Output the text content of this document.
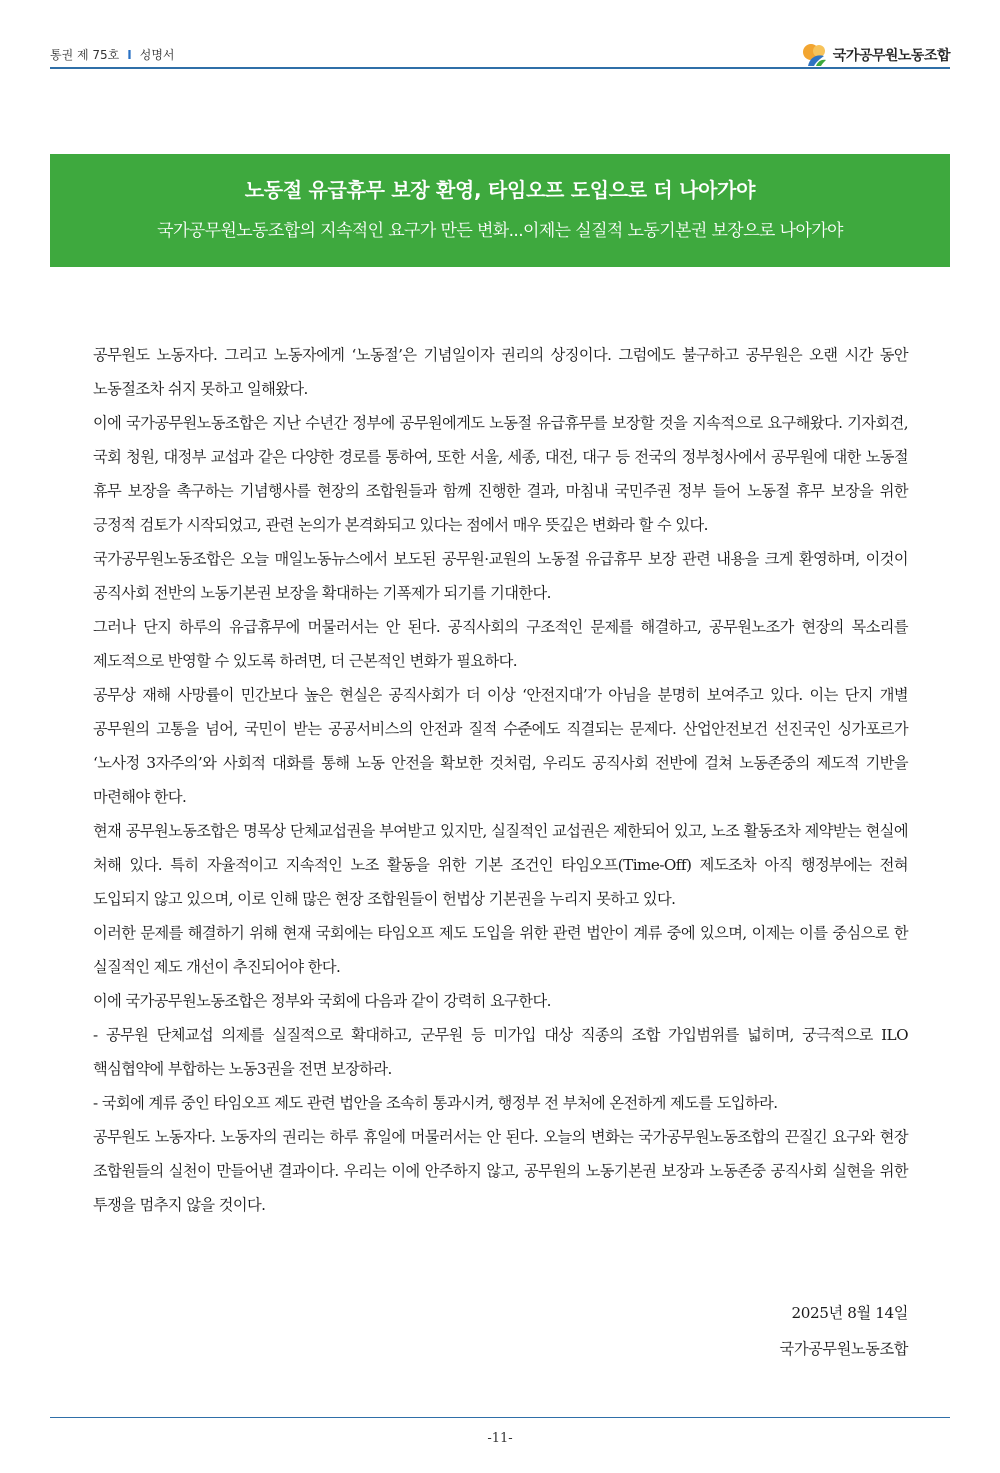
통권 제 75호 I 성명서	국가공무원노동조합
노동절 유급휴무 보장 환영, 타임오프 도입으로 더 나아가야
국가공무원노동조합의 지속적인 요구가 만든 변화...이제는 실질적 노동기본권 보장으로 나아가야

공무원도 노동자다. 그리고 노동자에게 ‘노동절’은 기념일이자 권리의 상징이다. 그럼에도 불구하고 공무원은 오랜 시간 동안 노동절조차 쉬지 못하고 일해왔다.

이에 국가공무원노동조합은 지난 수년간 정부에 공무원에게도 노동절 유급휴무를 보장할 것을 지속적으로 요구해왔다. 기자회견, 국회 청원, 대정부 교섭과 같은 다양한 경로를 통하여, 또한 서울, 세종, 대전, 대구 등 전국의 정부청사에서 공무원에 대한 노동절 휴무 보장을 촉구하는 기념행사를 현장의 조합원들과 함께 진행한 결과, 마침내 국민주권 정부 들어 노동절 휴무 보장을 위한 긍정적 검토가 시작되었고, 관련 논의가 본격화되고 있다는 점에서 매우 뜻깊은 변화라 할 수 있다.

국가공무원노동조합은 오늘 매일노동뉴스에서 보도된 공무원·교원의 노동절 유급휴무 보장 관련 내용을 크게 환영하며, 이것이 공직사회 전반의 노동기본권 보장을 확대하는 기폭제가 되기를 기대한다.

그러나 단지 하루의 유급휴무에 머물러서는 안 된다. 공직사회의 구조적인 문제를 해결하고, 공무원노조가 현장의 목소리를 제도적으로 반영할 수 있도록 하려면, 더 근본적인 변화가 필요하다.

공무상 재해 사망률이 민간보다 높은 현실은 공직사회가 더 이상 ‘안전지대’가 아님을 분명히 보여주고 있다. 이는 단지 개별 공무원의 고통을 넘어, 국민이 받는 공공서비스의 안전과 질적 수준에도 직결되는 문제다. 산업안전보건 선진국인 싱가포르가 ‘노사정 3자주의’와 사회적 대화를 통해 노동 안전을 확보한 것처럼, 우리도 공직사회 전반에 걸쳐 노동존중의 제도적 기반을 마련해야 한다.

현재 공무원노동조합은 명목상 단체교섭권을 부여받고 있지만, 실질적인 교섭권은 제한되어 있고, 노조 활동조차 제약받는 현실에 처해 있다. 특히 자율적이고 지속적인 노조 활동을 위한 기본 조건인 타임오프(Time-Off) 제도조차 아직 행정부에는 전혀 도입되지 않고 있으며, 이로 인해 많은 현장 조합원들이 헌법상 기본권을 누리지 못하고 있다.

이러한 문제를 해결하기 위해 현재 국회에는 타임오프 제도 도입을 위한 관련 법안이 계류 중에 있으며, 이제는 이를 중심으로 한 실질적인 제도 개선이 추진되어야 한다.

이에 국가공무원노동조합은 정부와 국회에 다음과 같이 강력히 요구한다.

- 공무원 단체교섭 의제를 실질적으로 확대하고, 군무원 등 미가입 대상 직종의 조합 가입범위를 넓히며, 궁극적으로 ILO 핵심협약에 부합하는 노동3권을 전면 보장하라.

- 국회에 계류 중인 타임오프 제도 관련 법안을 조속히 통과시켜, 행정부 전 부처에 온전하게 제도를 도입하라.

공무원도 노동자다. 노동자의 권리는 하루 휴일에 머물러서는 안 된다. 오늘의 변화는 국가공무원노동조합의 끈질긴 요구와 현장 조합원들의 실천이 만들어낸 결과이다. 우리는 이에 안주하지 않고, 공무원의 노동기본권 보장과 노동존중 공직사회 실현을 위한 투쟁을 멈추지 않을 것이다.

2025년 8월 14일
국가공무원노동조합
-11-
